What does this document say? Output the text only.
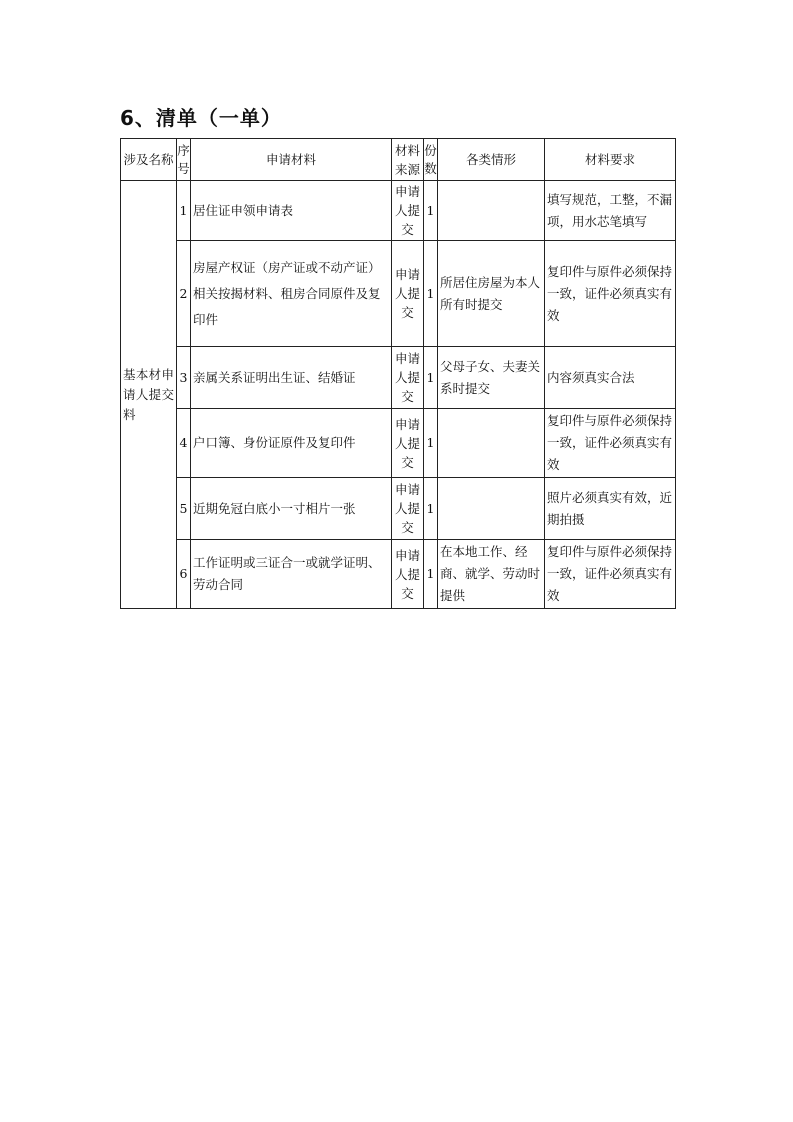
6、清单（一单）
涉及名称	序号	申请材料	材料来源	份数	各类情形	材料要求
基本材申请人提交料	1	居住证申领申请表	申请人提交	1		填写规范，工整，不漏项，用水芯笔填写
	2	房屋产权证（房产证或不动产证）相关按揭材料、租房合同原件及复印件	申请人提交	1	所居住房屋为本人所有时提交	复印件与原件必须保持一致，证件必须真实有效
	3	亲属关系证明出生证、结婚证	申请人提交	1	父母子女、夫妻关系时提交	内容须真实合法
	4	户口簿、身份证原件及复印件	申请人提交	1		复印件与原件必须保持一致，证件必须真实有效
	5	近期免冠白底小一寸相片一张	申请人提交	1		照片必须真实有效，近期拍摄
	6	工作证明或三证合一或就学证明、劳动合同	申请人提交	1	在本地工作、经商、就学、劳动时提供	复印件与原件必须保持一致，证件必须真实有效
